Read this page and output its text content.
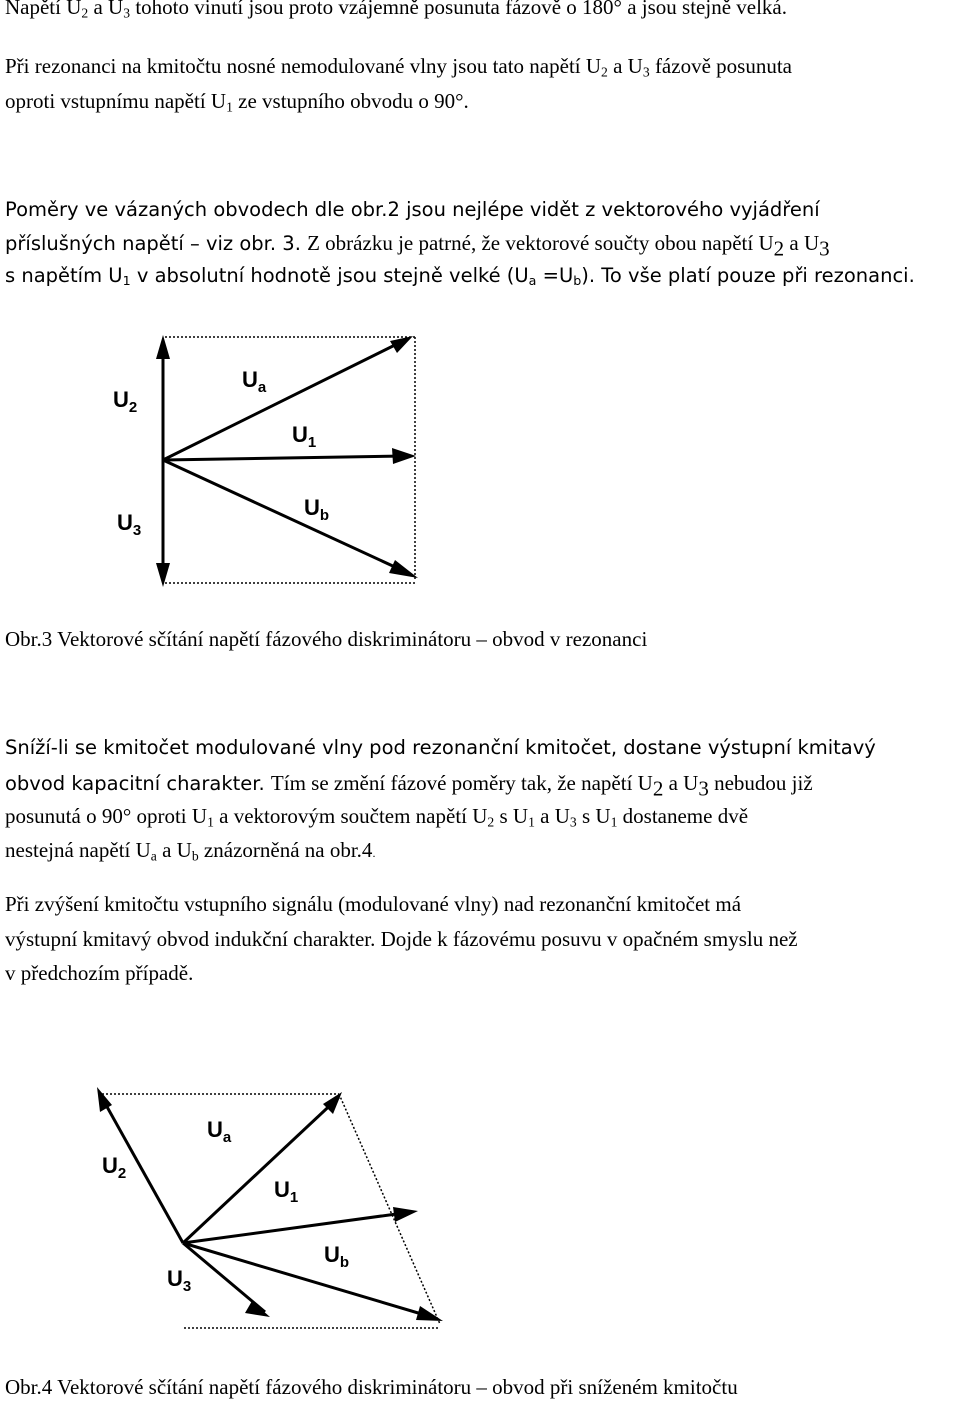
Napětí $U_2$ a $U_3$ tohoto vinutí jsou proto vzájemně posunuta fázově o 180° a jsou stejně velká.
Při rezonanci na kmitočtu nosné nemodulované vlny jsou tato napětí $U_2$ a $U_3$ fázově posunuta
oproti vstupnímu napětí $U_1$ ze vstupního obvodu o 90°.
Poměry ve vázaných obvodech dle obr.2 jsou nejlépe vidět z vektorového vyjádření
příslušných napětí – viz obr. 3. Z obrázku je patrné, že vektorové součty obou napětí $U_2$ a $U_3$
s napětím $U_1$ v absolutní hodnotě jsou stejně velké $(U_a =U_b)$. To vše platí pouze při rezonanci.
$U_2$
$U_a$
$U_1$
$U_3$
$U_b$
Obr.3 Vektorové sčítání napětí fázového diskriminátoru – obvod v rezonanci
Sníží-li se kmitočet modulované vlny pod rezonanční kmitočet, dostane výstupní kmitavý
obvod kapacitní charakter. Tím se změní fázové poměry tak, že napětí $U_2$ a $U_3$ nebudou již
posunutá o 90° oproti $U_1$ a vektorovým součtem napětí $U_2$ s $U_1$ a $U_3$ s $U_1$ dostaneme dvě
nestejná napětí $U_a$ a $U_b$ znázorněná na obr.4.
Při zvýšení kmitočtu vstupního signálu (modulované vlny) nad rezonanční kmitočet má
výstupní kmitavý obvod indukční charakter. Dojde k fázovému posuvu v opačném smyslu než
v předchozím případě.
$U_a$
$U_2$
$U_1$
$U_b$
$U_3$
Obr.4 Vektorové sčítání napětí fázového diskriminátoru – obvod při sníženém kmitočtu
